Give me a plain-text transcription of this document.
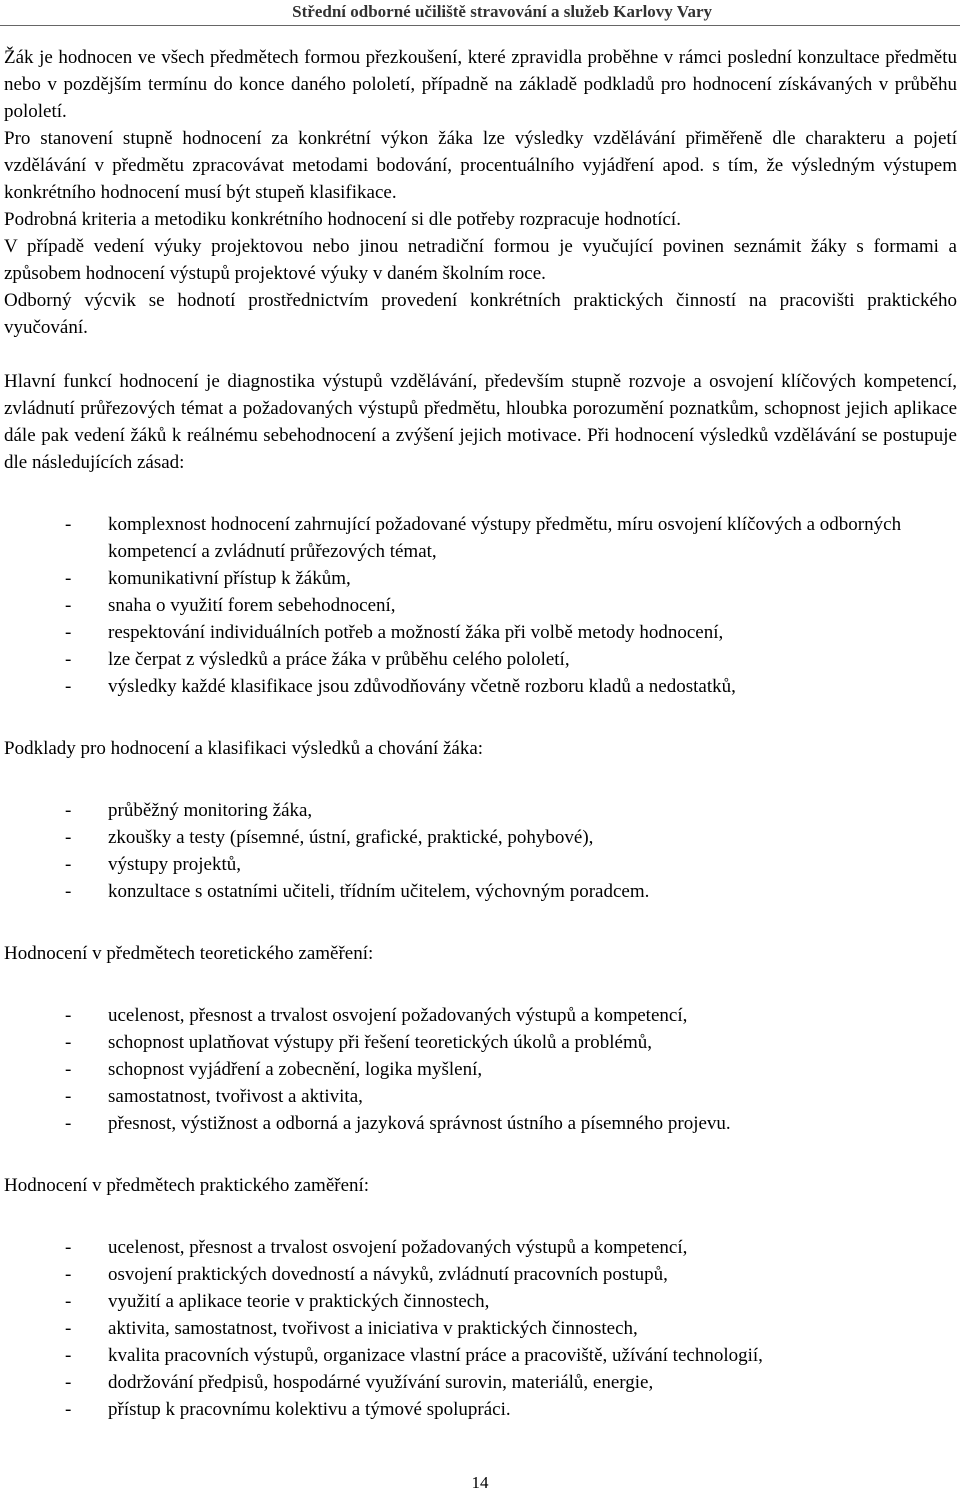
Střední odborné učiliště stravování a služeb Karlovy Vary

Žák je hodnocen ve všech předmětech formou přezkoušení, které zpravidla proběhne v rámci poslední konzultace předmětu nebo v pozdějším termínu do konce daného pololetí, případně na základě podkladů pro hodnocení získávaných v průběhu pololetí.

Pro stanovení stupně hodnocení za konkrétní výkon žáka lze výsledky vzdělávání přiměřeně dle charakteru a pojetí vzdělávání v předmětu zpracovávat metodami bodování, procentuálního vyjádření apod. s tím, že výsledným výstupem konkrétního hodnocení musí být stupeň klasifikace.

Podrobná kriteria a metodiku konkrétního hodnocení si dle potřeby rozpracuje hodnotící.

V případě vedení výuky projektovou nebo jinou netradiční formou je vyučující povinen seznámit žáky s formami a způsobem hodnocení výstupů projektové výuky v daném školním roce.

Odborný výcvik se hodnotí prostřednictvím provedení konkrétních praktických činností na pracovišti praktického vyučování.

Hlavní funkcí hodnocení je diagnostika výstupů vzdělávání, především stupně rozvoje a osvojení klíčových kompetencí, zvládnutí průřezových témat a požadovaných výstupů předmětu, hloubka porozumění poznatkům, schopnost jejich aplikace dále pak vedení žáků k reálnému sebehodnocení a zvýšení jejich motivace. Při hodnocení výsledků vzdělávání se postupuje dle následujících zásad:

- komplexnost hodnocení zahrnující požadované výstupy předmětu, míru osvojení klíčových a odborných kompetencí a zvládnutí průřezových témat,
- komunikativní přístup k žákům,
- snaha o využití forem sebehodnocení,
- respektování individuálních potřeb a možností žáka při volbě metody hodnocení,
- lze čerpat z výsledků a práce žáka v průběhu celého pololetí,
- výsledky každé klasifikace jsou zdůvodňovány včetně rozboru kladů a nedostatků,

Podklady pro hodnocení a klasifikaci výsledků a chování žáka:

- průběžný monitoring žáka,
- zkoušky a testy (písemné, ústní, grafické, praktické, pohybové),
- výstupy projektů,
- konzultace s ostatními učiteli, třídním učitelem, výchovným poradcem.

Hodnocení v předmětech teoretického zaměření:

- ucelenost, přesnost a trvalost osvojení požadovaných výstupů a kompetencí,
- schopnost uplatňovat výstupy při řešení teoretických úkolů a problémů,
- schopnost vyjádření a zobecnění, logika myšlení,
- samostatnost, tvořivost a aktivita,
- přesnost, výstižnost a odborná a jazyková správnost ústního a písemného projevu.

Hodnocení v předmětech praktického zaměření:

- ucelenost, přesnost a trvalost osvojení požadovaných výstupů a kompetencí,
- osvojení praktických dovedností a návyků, zvládnutí pracovních postupů,
- využití a aplikace teorie v praktických činnostech,
- aktivita, samostatnost, tvořivost a iniciativa v praktických činnostech,
- kvalita pracovních výstupů, organizace vlastní práce a pracoviště, užívání technologií,
- dodržování předpisů, hospodárné využívání surovin, materiálů, energie,
- přístup k pracovnímu kolektivu a týmové spolupráci.
14
